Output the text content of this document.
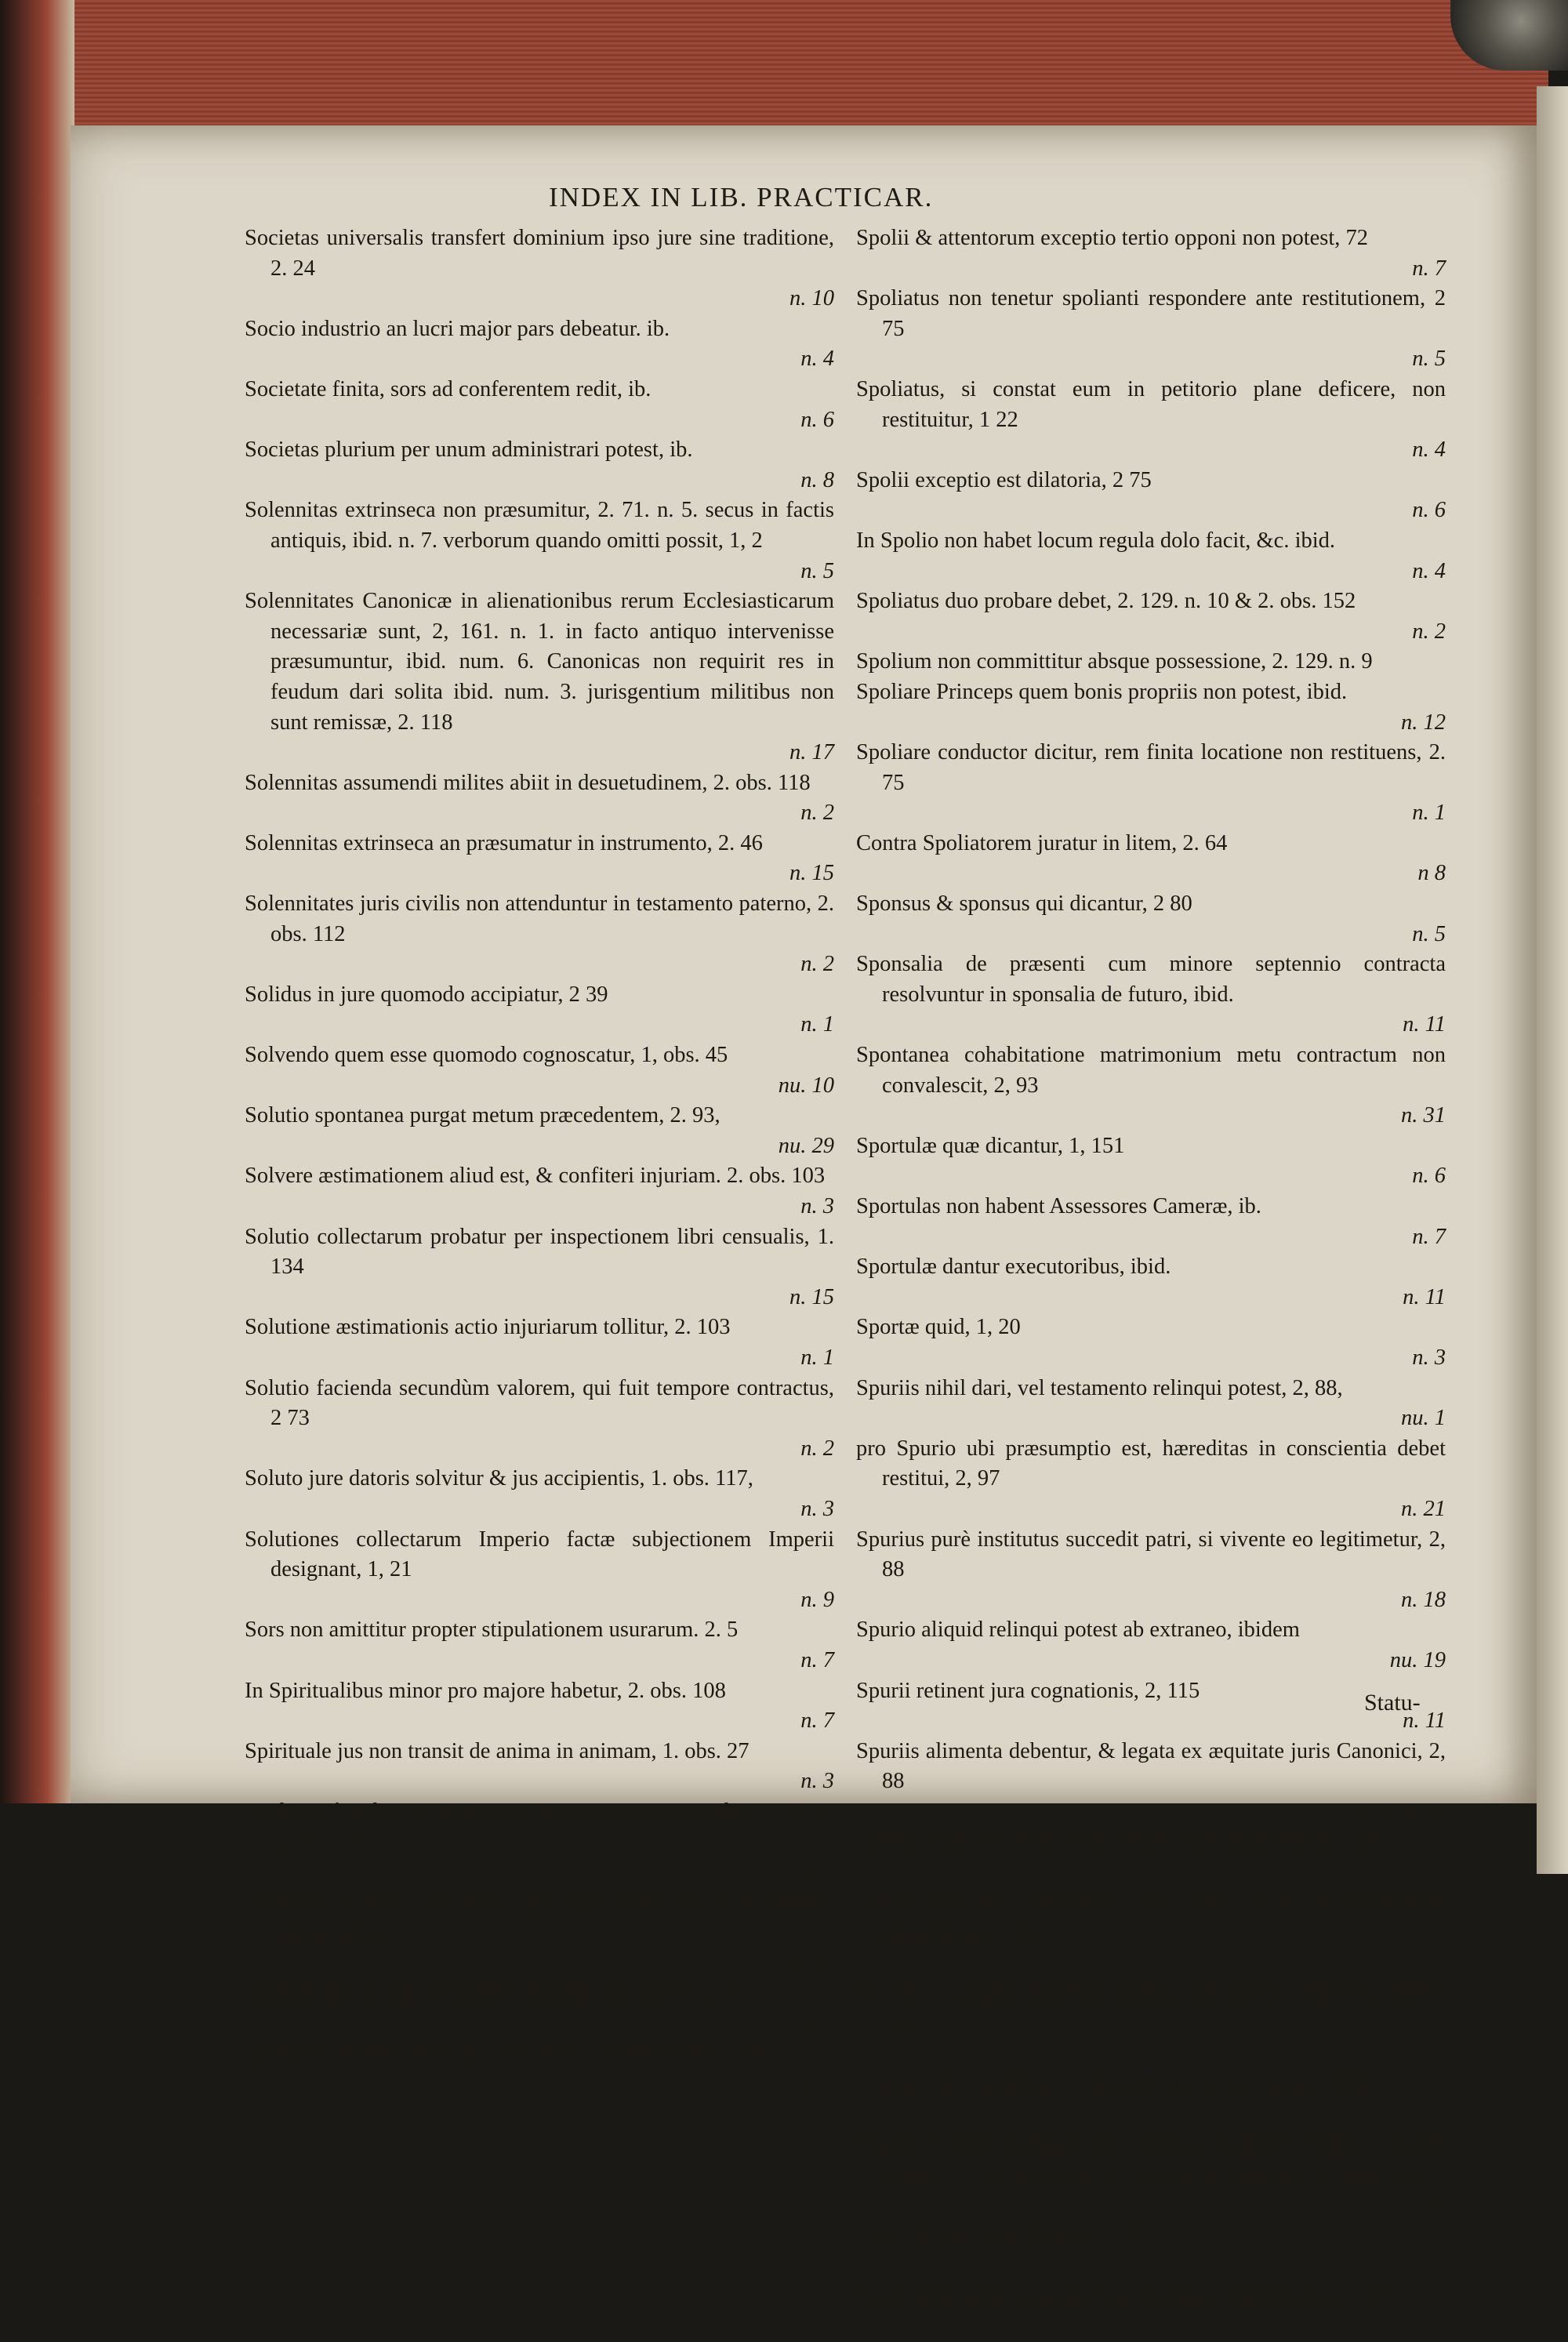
INDEX IN LIB. PRACTICAR.

Societas universalis transfert dominium ipso jure sine traditione, 2. 24
n. 10

Socio industrio an lucri major pars debeatur. ib.
n. 4

Societate finita, sors ad conferentem redit, ib.
n. 6

Societas plurium per unum administrari potest, ib.
n. 8

Solennitas extrinseca non præsumitur, 2. 71. n. 5. secus in factis antiquis, ibid. n. 7. verborum quando omitti possit, 1, 2
n. 5

Solennitates Canonicæ in alienationibus rerum Ecclesiasticarum necessariæ sunt, 2, 161. n. 1. in facto antiquo intervenisse præsumuntur, ibid. num. 6. Canonicas non requirit res in feudum dari solita ibid. num. 3. jurisgentium militibus non sunt remissæ, 2. 118
n. 17

Solennitas assumendi milites abiit in desuetudinem, 2. obs. 118
n. 2

Solennitas extrinseca an præsumatur in instrumento, 2. 46
n. 15

Solennitates juris civilis non attenduntur in testamento paterno, 2. obs. 112
n. 2

Solidus in jure quomodo accipiatur, 2 39
n. 1

Solvendo quem esse quomodo cognoscatur, 1, obs. 45
nu. 10

Solutio spontanea purgat metum præcedentem, 2. 93,
nu. 29

Solvere æstimationem aliud est, & confiteri injuriam. 2. obs. 103
n. 3

Solutio collectarum probatur per inspectionem libri censualis, 1. 134
n. 15

Solutione æstimationis actio injuriarum tollitur, 2. 103
n. 1

Solutio facienda secundùm valorem, qui fuit tempore contractus, 2 73
n. 2

Soluto jure datoris solvitur & jus accipientis, 1. obs. 117,
n. 3

Solutiones collectarum Imperio factæ subjectionem Imperii designant, 1, 21
n. 9

Sors non amittitur propter stipulationem usurarum. 2. 5
n. 7

In Spiritualibus minor pro majore habetur, 2. obs. 108
n. 7

Spirituale jus non transit de anima in animam, 1. obs. 27
n. 3

Spoliatus à judice incompetente ante omnia restituendus, 2. 76. n. 12. & 2. 75
n. 2

Spoliatus à judice de facto, per superiorem de facto quando restitui debeat, 2 76
n. 13

Spoliare dicitur qui pensionem annuam non solvit, 2. 75
n. 1

Spoliatus indebitè libertate, ante omnia restitui debet, 2 44
n. 9

Spolii & attentorum exceptio tertio opponi non potest, 72
n. 7

Spoliatus non tenetur spolianti respondere ante restitutionem, 2 75
n. 5

Spoliatus, si constat eum in petitorio plane deficere, non restituitur, 1 22
n. 4

Spolii exceptio est dilatoria, 2 75
n. 6

In Spolio non habet locum regula dolo facit, &c. ibid.
n. 4

Spoliatus duo probare debet, 2. 129. n. 10 & 2. obs. 152
n. 2

Spolium non committitur absque possessione, 2. 129. n. 9

Spoliare Princeps quem bonis propriis non potest, ibid.
n. 12

Spoliare conductor dicitur, rem finita locatione non restituens, 2. 75
n. 1

Contra Spoliatorem juratur in litem, 2. 64
n 8

Sponsus & sponsus qui dicantur, 2 80
n. 5

Sponsalia de præsenti cum minore septennio contracta resolvuntur in sponsalia de futuro, ibid.
n. 11

Spontanea cohabitatione matrimonium metu contractum non convalescit, 2, 93
n. 31

Sportulæ quæ dicantur, 1, 151
n. 6

Sportulas non habent Assessores Cameræ, ib.
n. 7

Sportulæ dantur executoribus, ibid.
n. 11

Sportæ quid, 1, 20
n. 3

Spuriis nihil dari, vel testamento relinqui potest, 2, 88,
nu. 1

pro Spurio ubi præsumptio est, hæreditas in conscientia debet restitui, 2, 97
n. 21

Spurius purè institutus succedit patri, si vivente eo legitimetur, 2, 88
n. 18

Spurio aliquid relinqui potest ab extraneo, ibidem
nu. 19

Spurii retinent jura cognationis, 2, 115
n. 11

Spuriis alimenta debentur, & legata ex æquitate juris Canonici, 2, 88
n. 4, & 12

Spuriæ filiæ dos modica dari potest loco alimentorum, ibid.
n. 7

Spuriæ filiæ dos immoderata data reduci debet ad quantitatem alimentorum, ibid.
n. 8

Spurius si aliunde alimenta habeat, non potest à patre ea petere, ibid.
n. 9

Spurius sub conditione, si legitimetur, institui potest, ibid.
n. 17

Spurio ex coitu damnato non punibili quidlibet relinqui à matre potest, & cum legitimis in omnibus ab intestato succedit, ibid.
n. 20

Status Imperii qui di antur, 1, 21
n. 2

Stare debet, quod non reperitur expressè prohibitum, 2, 138
n. 10

Statu-
